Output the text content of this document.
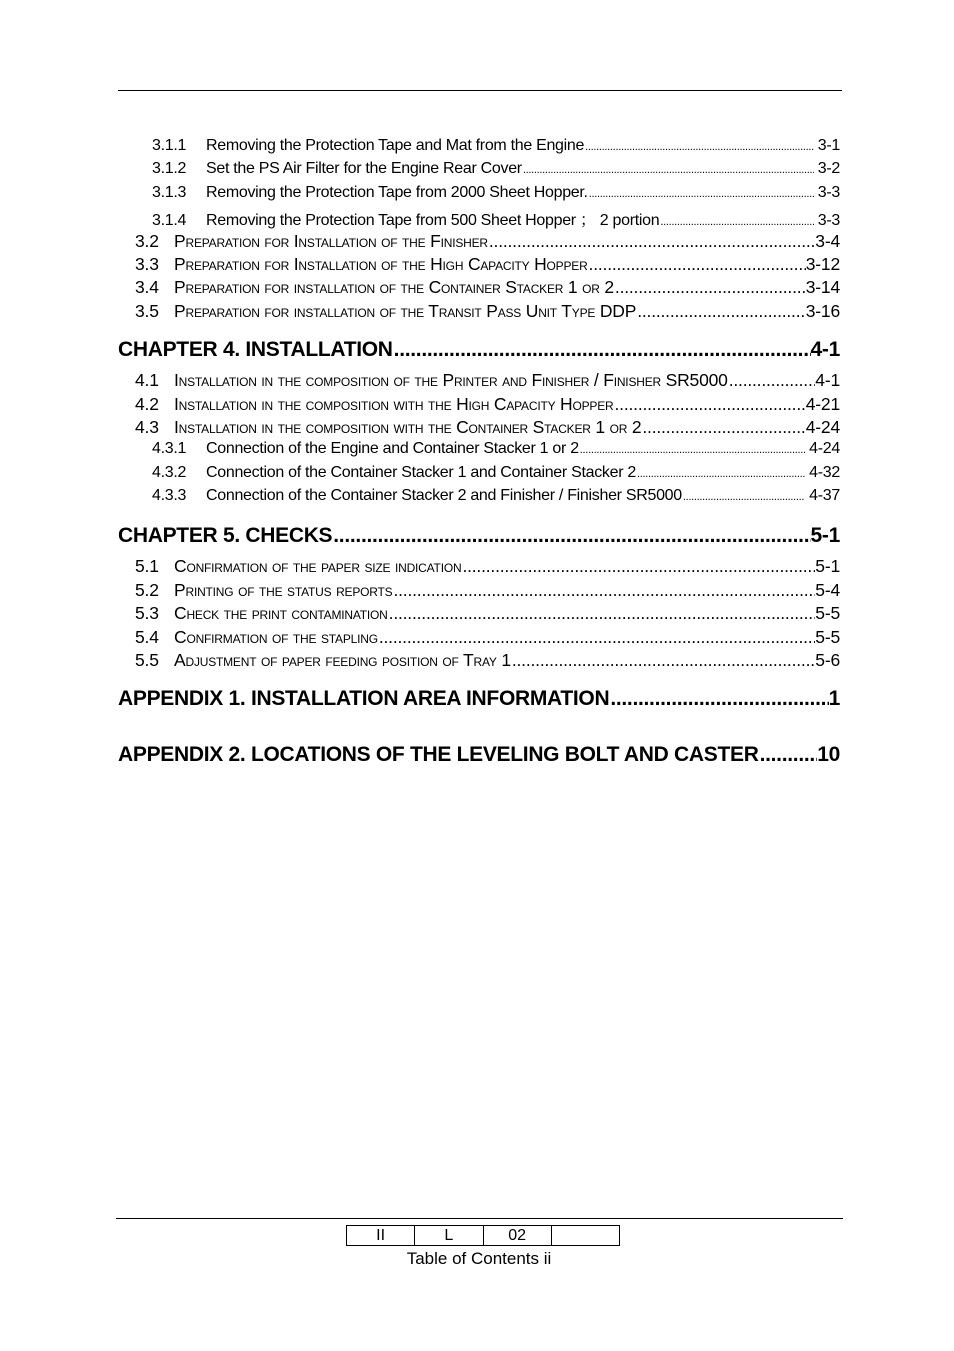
3.1.1	Removing the Protection Tape and Mat from the Engine .....	3-1
3.1.2	Set the PS Air Filter for the Engine Rear Cover .....	3-2
3.1.3	Removing the Protection Tape from 2000 Sheet Hopper. .....	3-3
3.1.4	Removing the Protection Tape from 500 Sheet Hopper ； 2 portion .....	3-3
3.2 Preparation for Installation of the Finisher .....	3-4
3.3 Preparation for Installation of the High Capacity Hopper .....	3-12
3.4 Preparation for installation of the Container Stacker 1 or 2 .....	3-14
3.5 Preparation for installation of the Transit Pass Unit Type DDP .....	3-16
CHAPTER 4. INSTALLATION .....	4-1
4.1 Installation in the composition of the Printer and Finisher / Finisher SR5000 .....	4-1
4.2 Installation in the composition with the High Capacity Hopper .....	4-21
4.3 Installation in the composition with the Container Stacker 1 or 2 .....	4-24
4.3.1	Connection of the Engine and Container Stacker 1 or 2 .....	4-24
4.3.2	Connection of the Container Stacker 1 and Container Stacker 2 .....	4-32
4.3.3	Connection of the Container Stacker 2 and Finisher / Finisher SR5000 .....	4-37
CHAPTER 5. CHECKS .....	5-1
5.1 Confirmation of the paper size indication .....	5-1
5.2 Printing of the status reports .....	5-4
5.3 Check the print contamination .....	5-5
5.4 Confirmation of the stapling .....	5-5
5.5 Adjustment of paper feeding position of Tray 1 .....	5-6
APPENDIX 1. INSTALLATION AREA INFORMATION .....	1
APPENDIX 2. LOCATIONS OF THE LEVELING BOLT AND CASTER .....	10
II	L	02	
Table of Contents ii
